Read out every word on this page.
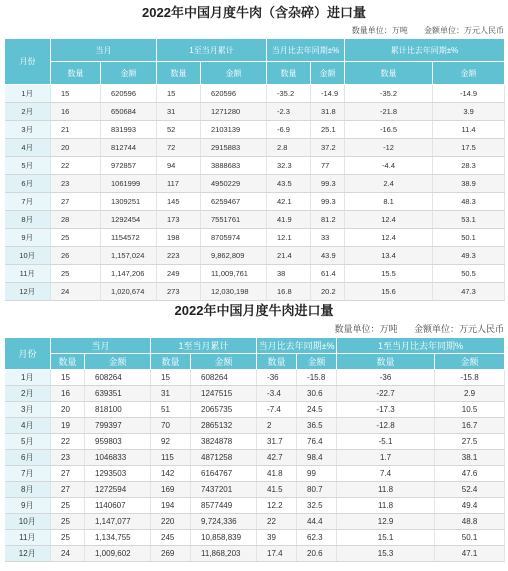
2022年中国月度牛肉（含杂碎）进口量
数量单位：万吨 金额单位：万元人民币
月份	当月		1至当月累计		当月比去年同期±%		累计比去年同期±%	
	数量	金额	数量	金额	数量	金额	数量	金额
1月	15	620596	15	620596	-35.2	-14.9	-35.2	-14.9
2月	16	650684	31	1271280	-2.3	31.8	-21.8	3.9
3月	21	831993	52	2103139	-6.9	25.1	-16.5	11.4
4月	20	812744	72	2915883	2.8	37.2	-12	17.5
5月	22	972857	94	3888683	32.3	77	-4.4	28.3
6月	23	1061999	117	4950229	43.5	99.3	2.4	38.9
7月	27	1309251	145	6259467	42.1	99.3	8.1	48.3
8月	28	1292454	173	7551761	41.9	81.2	12.4	53.1
9月	25	1154572	198	8705974	12.1	33	12.4	50.1
10月	26	1,157,024	223	9,862,809	21.4	43.9	13.4	49.3
11月	25	1,147,206	249	11,009,761	38	61.4	15.5	50.5
12月	24	1,020,674	273	12,030,198	16.8	20.2	15.6	47.3
2022年中国月度牛肉进口量
数量单位：万吨 金额单位：万元人民币
月份	当月		1至当月累计		当月比去年同期±%		1至当月比去年同期%	
	数量	金额	数量	金额	数量	金额	数量	金额
1月	15	608264	15	608264	-36	-15.8	-36	-15.8
2月	16	639351	31	1247515	-3.4	30.6	-22.7	2.9
3月	20	818100	51	2065735	-7.4	24.5	-17.3	10.5
4月	19	799397	70	2865132	2	36.5	-12.8	16.7
5月	22	959803	92	3824878	31.7	76.4	-5.1	27.5
6月	23	1046833	115	4871258	42.7	98.4	1.7	38.1
7月	27	1293503	142	6164767	41.8	99	7.4	47.6
8月	27	1272594	169	7437201	41.5	80.7	11.8	52.4
9月	25	1140607	194	8577449	12.2	32.5	11.8	49.4
10月	25	1,147,077	220	9,724,336	22	44.4	12.9	48.8
11月	25	1,134,755	245	10,858,839	39	62.3	15.1	50.1
12月	24	1,009,602	269	11,868,203	17.4	20.6	15.3	47.1
